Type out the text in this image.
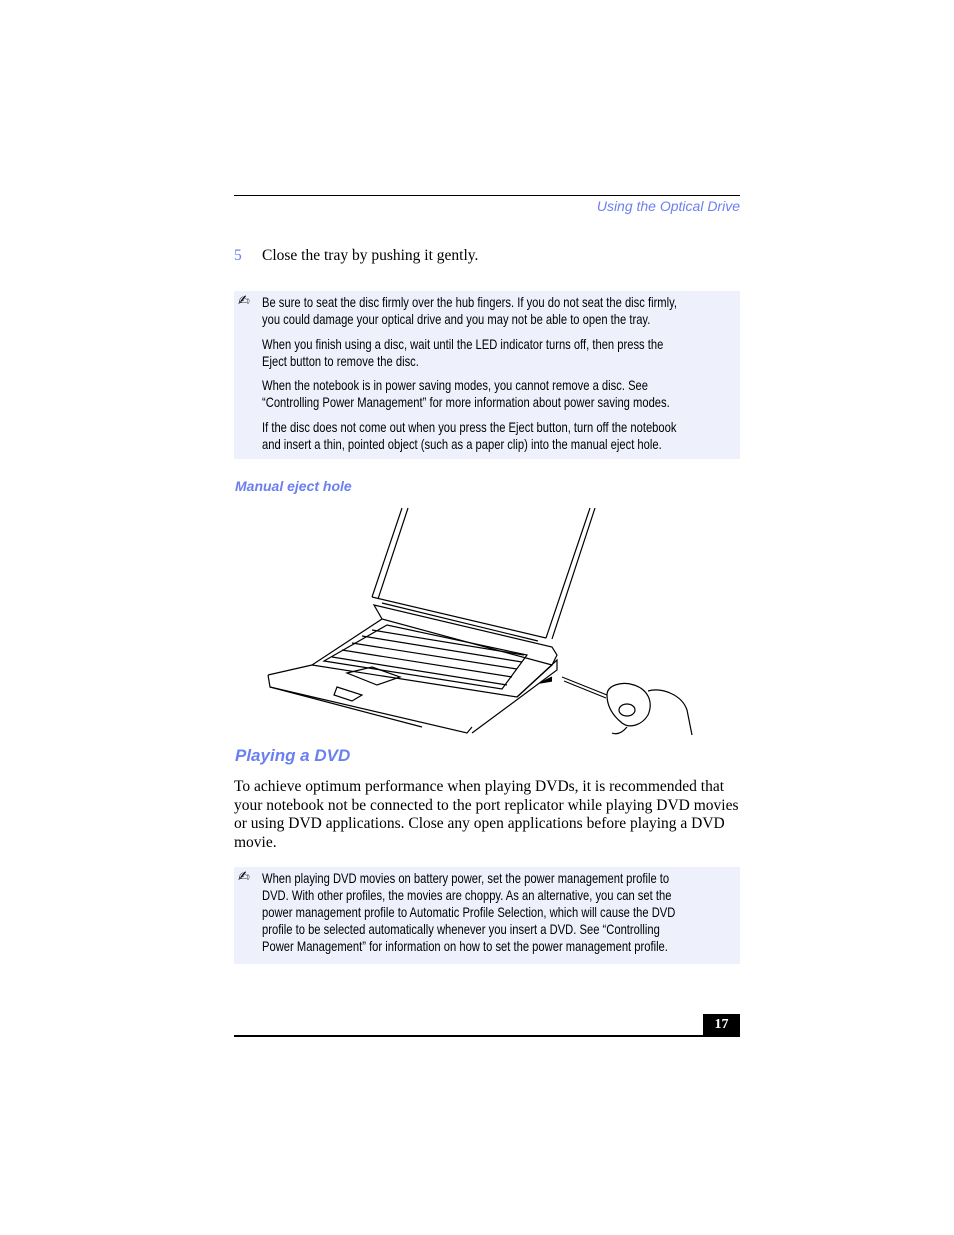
Using the Optical Drive
5 Close the tray by pushing it gently.
✍ Be sure to seat the disc firmly over the hub fingers. If you do not seat the disc firmly,
you could damage your optical drive and you may not be able to open the tray.

When you finish using a disc, wait until the LED indicator turns off, then press the
Eject button to remove the disc.

When the notebook is in power saving modes, you cannot remove a disc. See
“Controlling Power Management” for more information about power saving modes.

If the disc does not come out when you press the Eject button, turn off the notebook
and insert a thin, pointed object (such as a paper clip) into the manual eject hole.

Manual eject hole
Playing a DVD
To achieve optimum performance when playing DVDs, it is recommended that
your notebook not be connected to the port replicator while playing DVD movies
or using DVD applications. Close any open applications before playing a DVD
movie.
✍ When playing DVD movies on battery power, set the power management profile to
DVD. With other profiles, the movies are choppy. As an alternative, you can set the
power management profile to Automatic Profile Selection, which will cause the DVD
profile to be selected automatically whenever you insert a DVD. See “Controlling
Power Management” for information on how to set the power management profile.

17
